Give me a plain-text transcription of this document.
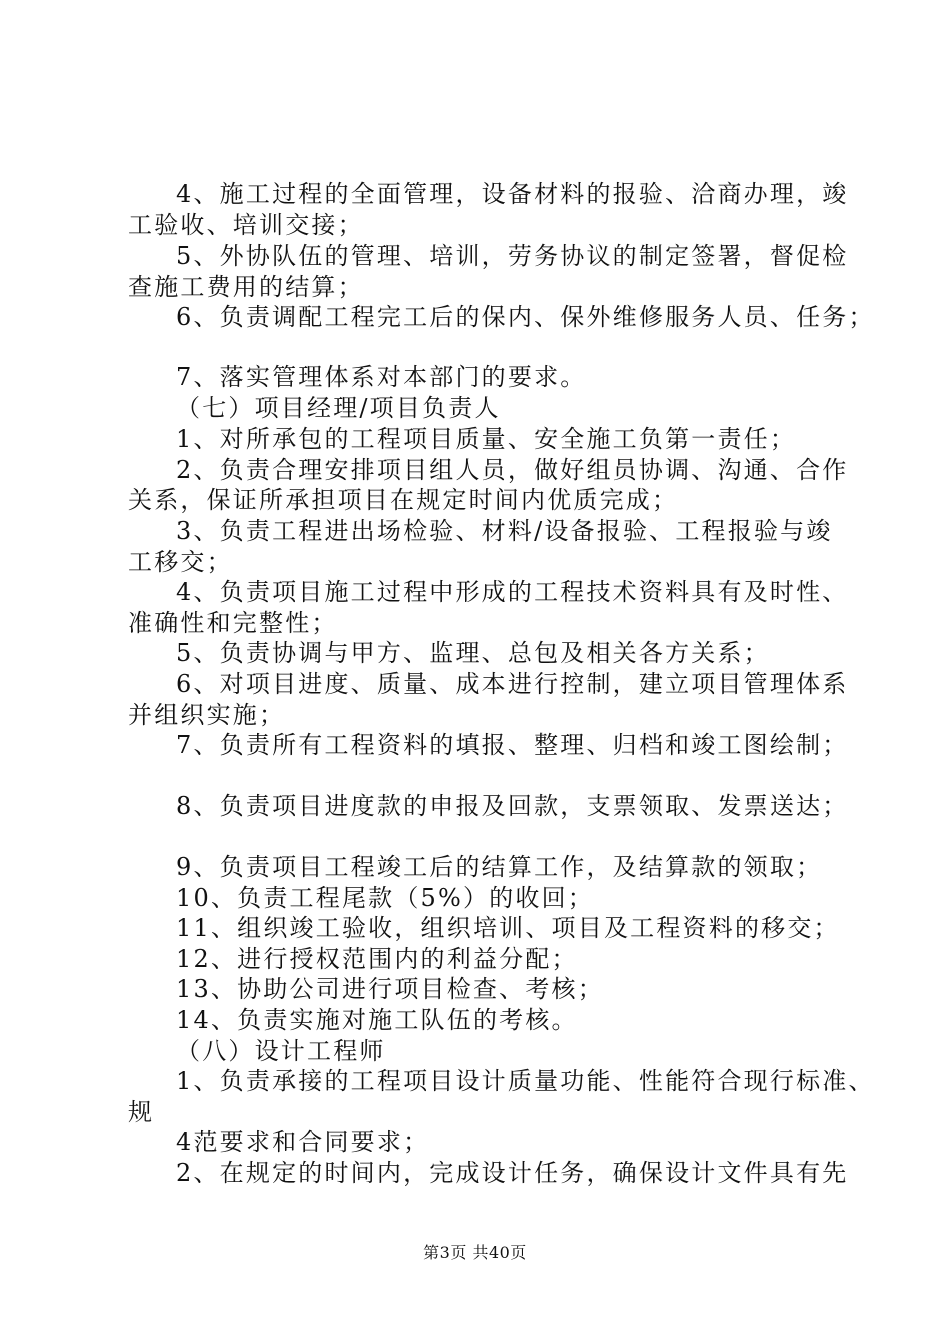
4、施工过程的全面管理，设备材料的报验、洽商办理，竣
工验收、培训交接；
5、外协队伍的管理、培训，劳务协议的制定签署，督促检
查施工费用的结算；
6、负责调配工程完工后的保内、保外维修服务人员、任务；
7、落实管理体系对本部门的要求。
（七）项目经理/项目负责人
1、对所承包的工程项目质量、安全施工负第一责任；
2、负责合理安排项目组人员，做好组员协调、沟通、合作
关系，保证所承担项目在规定时间内优质完成；
3、负责工程进出场检验、材料/设备报验、工程报验与竣
工移交；
4、负责项目施工过程中形成的工程技术资料具有及时性、
准确性和完整性；
5、负责协调与甲方、监理、总包及相关各方关系；
6、对项目进度、质量、成本进行控制，建立项目管理体系
并组织实施；
7、负责所有工程资料的填报、整理、归档和竣工图绘制；
8、负责项目进度款的申报及回款，支票领取、发票送达；
9、负责项目工程竣工后的结算工作，及结算款的领取；
10、负责工程尾款（5%）的收回；
11、组织竣工验收，组织培训、项目及工程资料的移交；
12、进行授权范围内的利益分配；
13、协助公司进行项目检查、考核；
14、负责实施对施工队伍的考核。
（八）设计工程师
1、负责承接的工程项目设计质量功能、性能符合现行标准、
规
4范要求和合同要求；
2、在规定的时间内，完成设计任务，确保设计文件具有先
第3页 共40页
